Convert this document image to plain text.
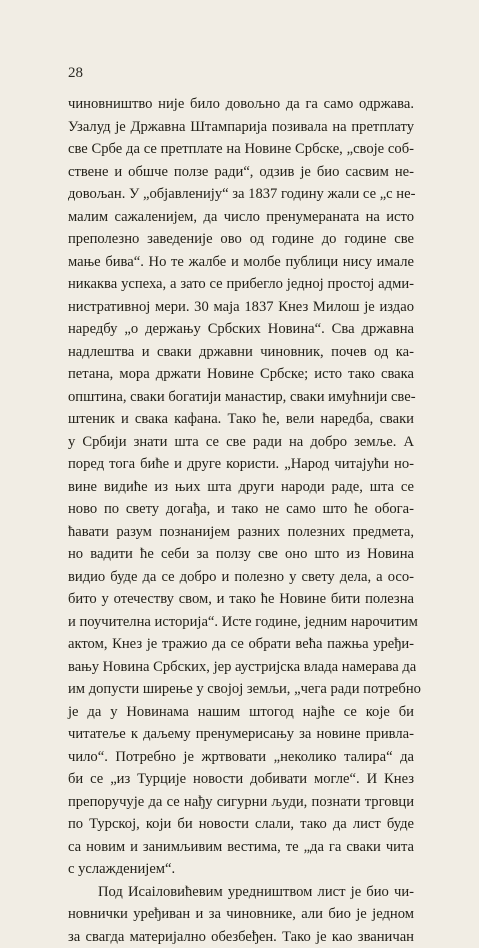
28
чиновништво није било довољно да га само одржава.
Узалуд је Државна Штампарија позивала на претплату
све Србе да се претплате на Новине Србске, „своје соб-
ствене и обшче ползе ради“, одзив је био сасвим не-
довољан. У „објавленију“ за 1837 годину жали се „с не-
малим сажаленијем, да число пренумераната на исто
преполезно заведеније ово од године до године све
мање бива“. Но те жалбе и молбе публици нису имале
никаква успеха, а зато се прибегло једној простој адми-
нистративној мери. 30 маја 1837 Кнез Милош је издао
наредбу „о держању Србских Новина“. Сва државна
надлештва и сваки државни чиновник, почев од ка-
петана, мора држати Новине Србске; исто тако свака
општина, сваки богатији манастир, сваки имућнији све-
штеник и свака кафана. Тако ће, вели наредба, сваки
у Србији знати шта се све ради на добро земље. А
поред тога биће и друге користи. „Народ читајући но-
вине видиће из њих шта други народи раде, шта се
ново по свету догађа, и тако не само што ће обога-
ћавати разум познанијем разних полезних предмета,
но вадити ће себи за ползу све оно што из Новина
видио буде да се добро и полезно у свету дела, а осо-
бито у отечеству свом, и тако ће Новине бити полезна
и поучителна историја“. Исте године, једним нарочитим
актом, Кнез је тражио да се обрати већа пажња уређи-
вању Новина Србских, јер аустријска влада намерава да
им допусти ширење у својој земљи, „чега ради потребно
је да у Новинама нашим штогод најће се које би
читатељe к даљему пренумерисању за новине привла-
чило“. Потребно је жртвовати „неколико талира“ да
би се „из Турције новости добивати могле“. И Кнез
препоручује да се нађу сигурни људи, познати трговци
по Турској, који би новости слали, тако да лист буде
са новим и занимљивим вестима, те „да га сваки чита
с услажденијем“.
Под Исаіловићевим уредништвом лист је био чи-
новнички уређиван и за чиновнике, али био је једном
за свагда материјално обезбеђен. Тако је као званичан
